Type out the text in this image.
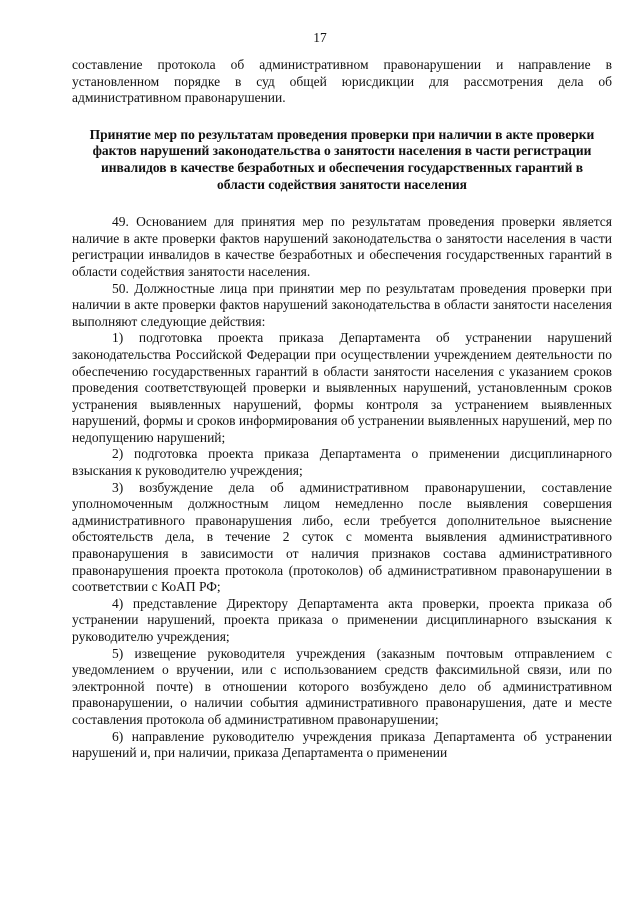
17

составление протокола об административном правонарушении и направление в установленном порядке в суд общей юрисдикции для рассмотрения дела об административном правонарушении.

Принятие мер по результатам проведения проверки при наличии в акте проверки фактов нарушений законодательства о занятости населения в части регистрации инвалидов в качестве безработных и обеспечения государственных гарантий в области содействия занятости населения

49. Основанием для принятия мер по результатам проведения проверки является наличие в акте проверки фактов нарушений законодательства о занятости населения в части регистрации инвалидов в качестве безработных и обеспечения государственных гарантий в области содействия занятости населения.

50. Должностные лица при принятии мер по результатам проведения проверки при наличии в акте проверки фактов нарушений законодательства в области занятости населения выполняют следующие действия:

1) подготовка проекта приказа Департамента об устранении нарушений законодательства Российской Федерации при осуществлении учреждением деятельности по обеспечению государственных гарантий в области занятости населения с указанием сроков проведения соответствующей проверки и выявленных нарушений, установленным сроков устранения выявленных нарушений, формы контроля за устранением выявленных нарушений, формы и сроков информирования об устранении выявленных нарушений, мер по недопущению нарушений;

2) подготовка проекта приказа Департамента о применении дисциплинарного взыскания к руководителю учреждения;

3) возбуждение дела об административном правонарушении, составление уполномоченным должностным лицом немедленно после выявления совершения административного правонарушения либо, если требуется дополнительное выяснение обстоятельств дела, в течение 2 суток с момента выявления административного правонарушения в зависимости от наличия признаков состава административного правонарушения проекта протокола (протоколов) об административном правонарушении в соответствии с КоАП РФ;

4) представление Директору Департамента акта проверки, проекта приказа об устранении нарушений, проекта приказа о применении дисциплинарного взыскания к руководителю учреждения;

5) извещение руководителя учреждения (заказным почтовым отправлением с уведомлением о вручении, или с использованием средств факсимильной связи, или по электронной почте) в отношении которого возбуждено дело об административном правонарушении, о наличии события административного правонарушения, дате и месте составления протокола об административном правонарушении;

6) направление руководителю учреждения приказа Департамента об устранении нарушений и, при наличии, приказа Департамента о применении
